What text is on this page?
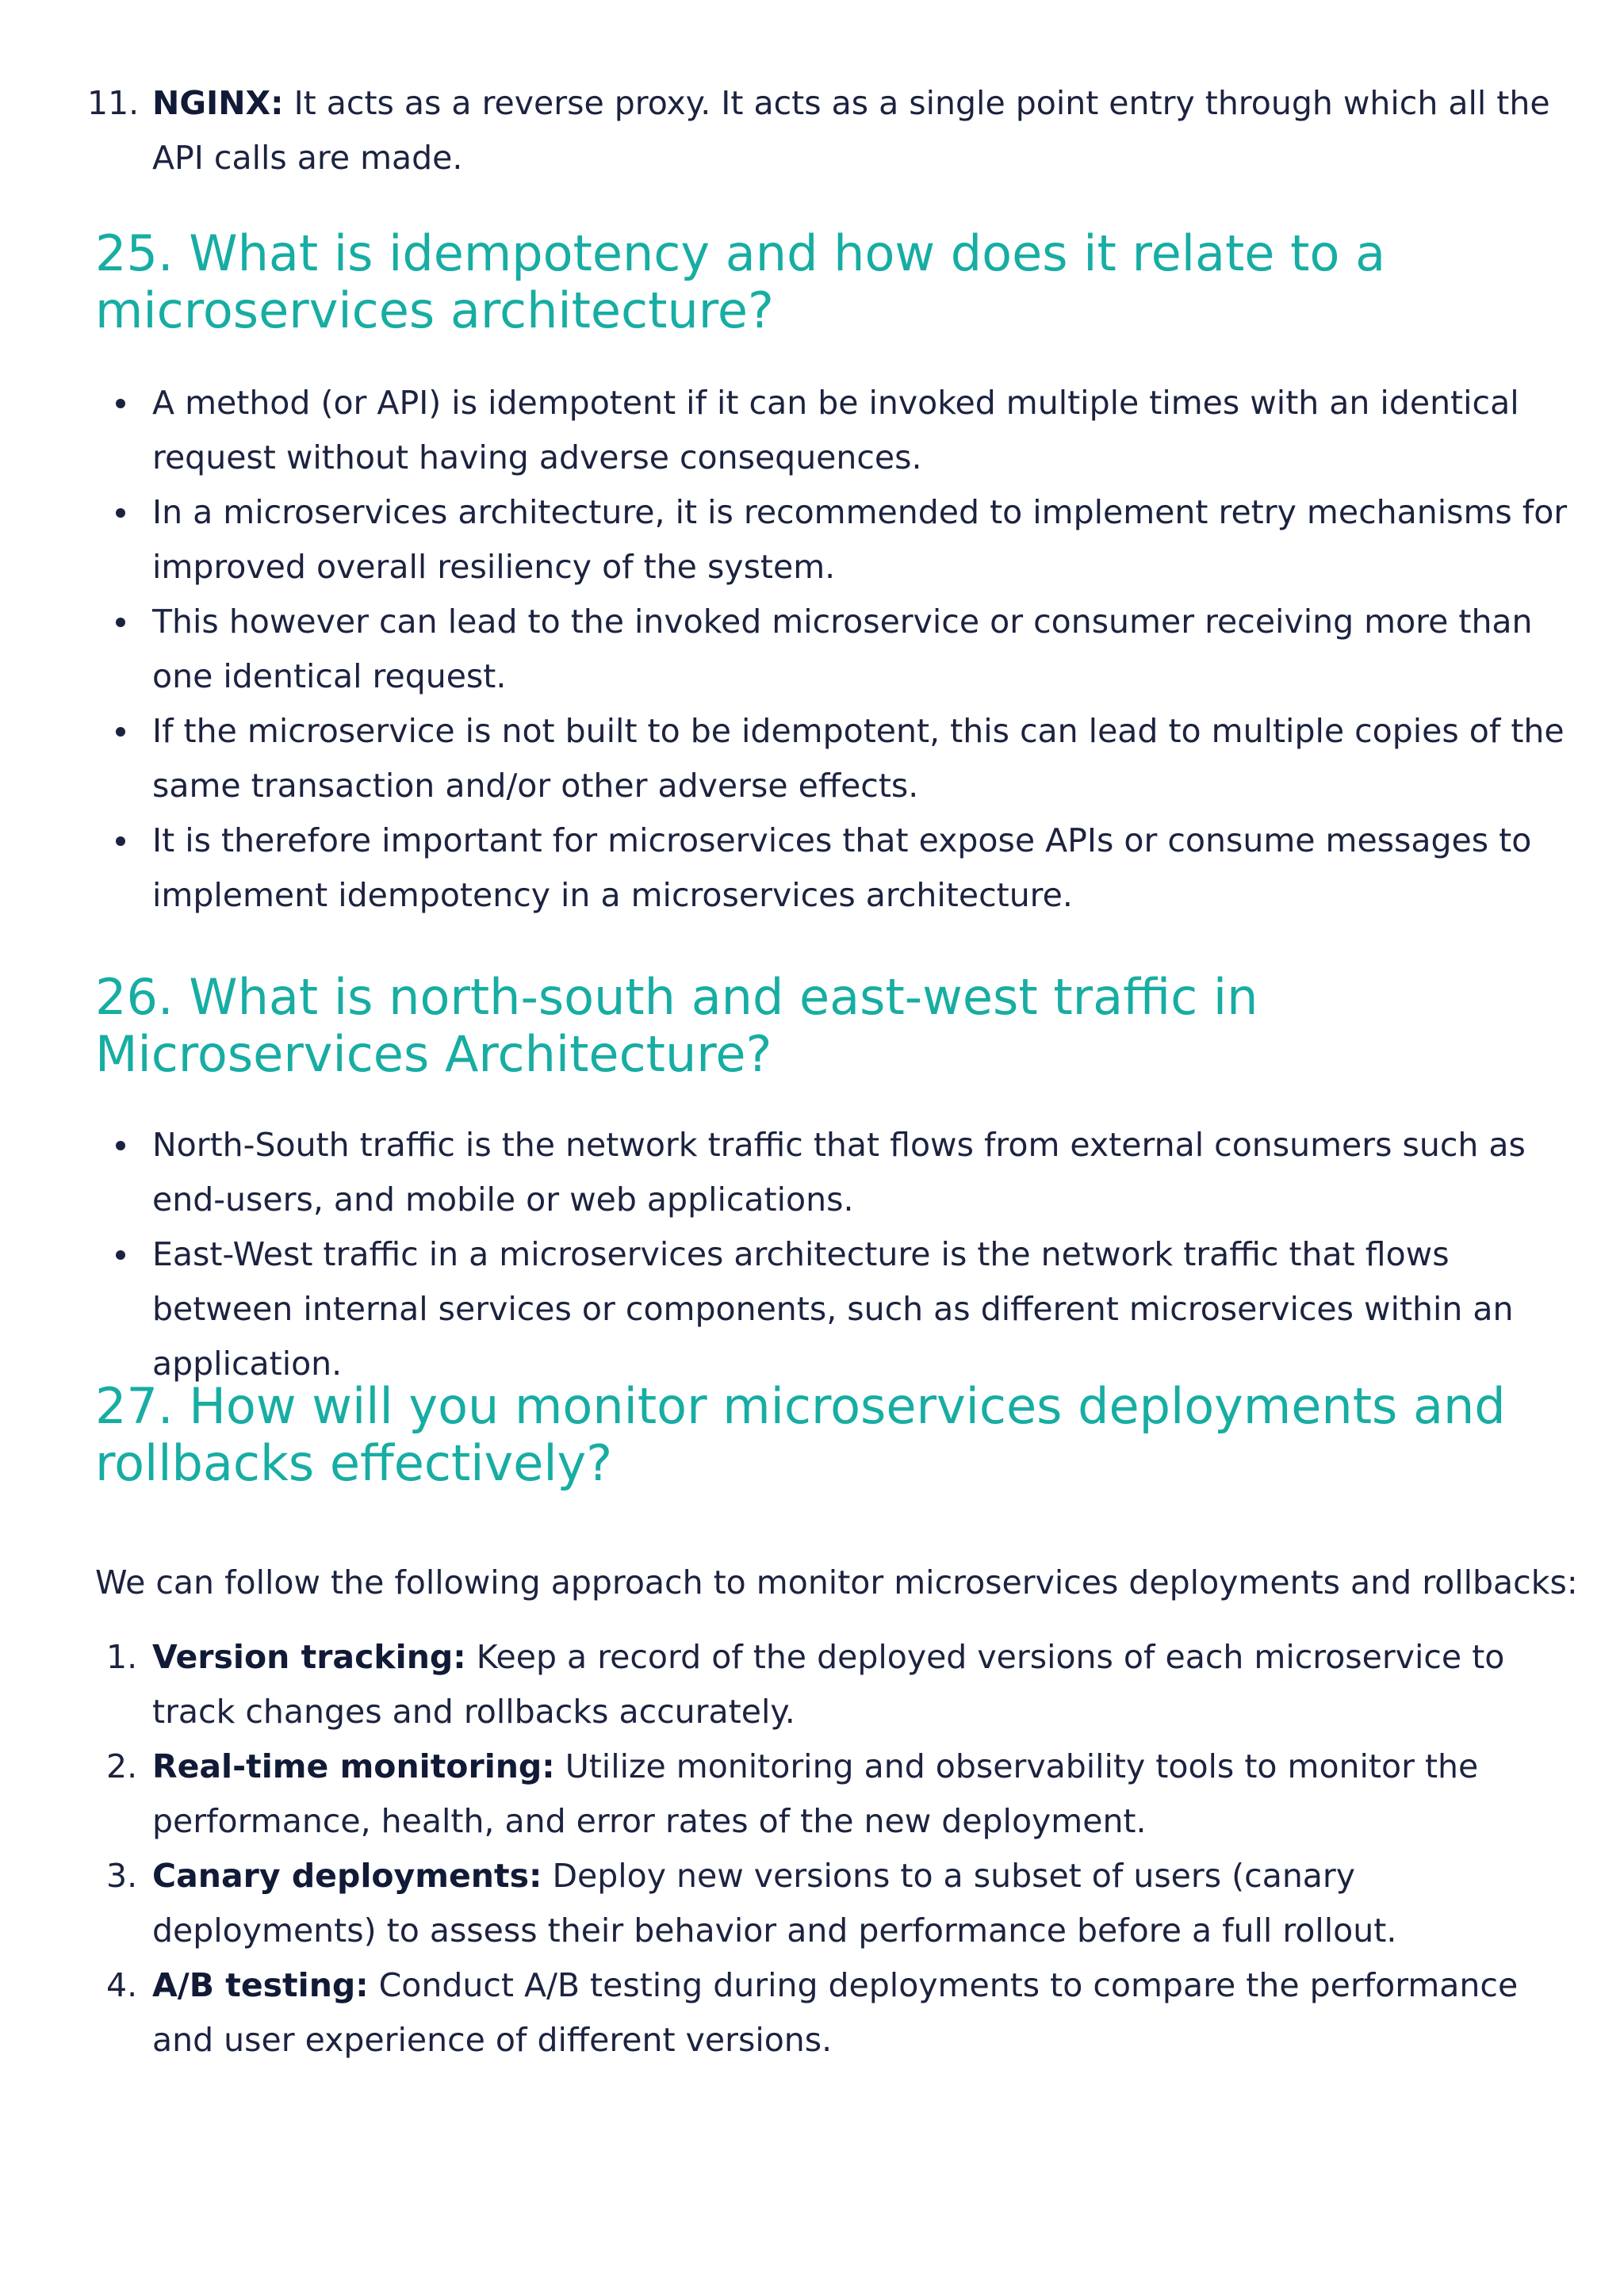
11. NGINX: It acts as a reverse proxy. It acts as a single point entry through which all the API calls are made.
25. What is idempotency and how does it relate to a microservices architecture?
A method (or API) is idempotent if it can be invoked multiple times with an identical request without having adverse consequences.
In a microservices architecture, it is recommended to implement retry mechanisms for improved overall resiliency of the system.
This however can lead to the invoked microservice or consumer receiving more than one identical request.
If the microservice is not built to be idempotent, this can lead to multiple copies of the same transaction and/or other adverse effects.
It is therefore important for microservices that expose APIs or consume messages to implement idempotency in a microservices architecture.
26. What is north-south and east-west traffic in Microservices Architecture?
North-South traffic is the network traffic that flows from external consumers such as end-users, and mobile or web applications.
East-West traffic in a microservices architecture is the network traffic that flows between internal services or components, such as different microservices within an application.
27. How will you monitor microservices deployments and rollbacks effectively?

We can follow the following approach to monitor microservices deployments and rollbacks:

1. Version tracking: Keep a record of the deployed versions of each microservice to track changes and rollbacks accurately.
2. Real-time monitoring: Utilize monitoring and observability tools to monitor the performance, health, and error rates of the new deployment.
3. Canary deployments: Deploy new versions to a subset of users (canary deployments) to assess their behavior and performance before a full rollout.
4. A/B testing: Conduct A/B testing during deployments to compare the performance and user experience of different versions.
